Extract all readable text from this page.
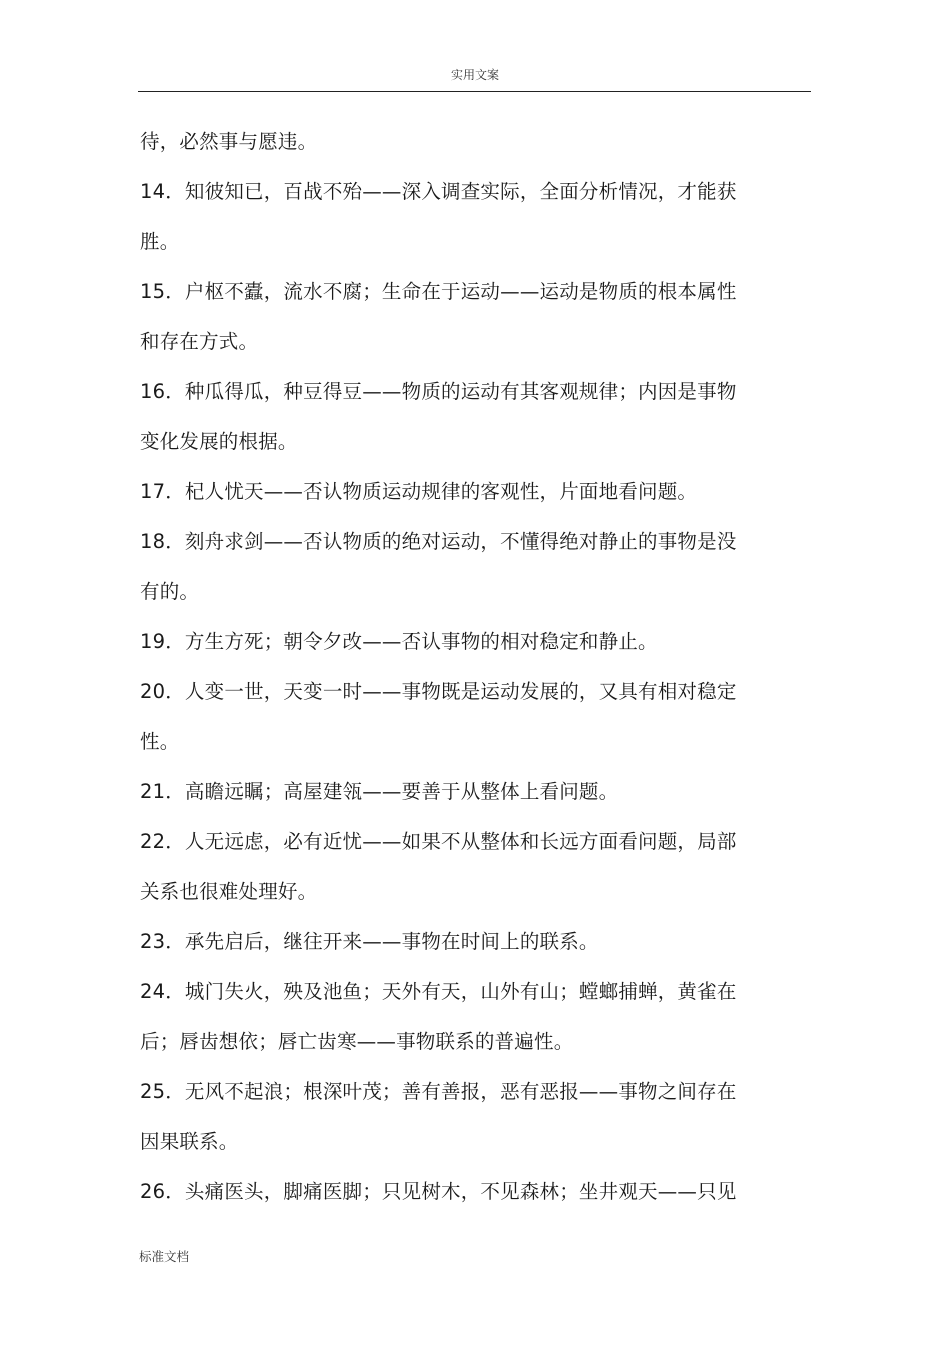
实用文案
待，必然事与愿违。
14．知彼知已，百战不殆——深入调查实际，全面分析情况，才能获
胜。
15．户枢不蠹，流水不腐；生命在于运动——运动是物质的根本属性
和存在方式。
16．种瓜得瓜，种豆得豆——物质的运动有其客观规律；内因是事物
变化发展的根据。
17．杞人忧天——否认物质运动规律的客观性，片面地看问题。
18．刻舟求剑——否认物质的绝对运动，不懂得绝对静止的事物是没
有的。
19．方生方死；朝令夕改——否认事物的相对稳定和静止。
20．人变一世，天变一时——事物既是运动发展的，又具有相对稳定
性。
21．高瞻远瞩；高屋建瓴——要善于从整体上看问题。
22．人无远虑，必有近忧——如果不从整体和长远方面看问题，局部
关系也很难处理好。
23．承先启后，继往开来——事物在时间上的联系。
24．城门失火，殃及池鱼；天外有天，山外有山；螳螂捕蝉，黄雀在
后；唇齿想依；唇亡齿寒——事物联系的普遍性。
25．无风不起浪；根深叶茂；善有善报，恶有恶报——事物之间存在
因果联系。
26．头痛医头，脚痛医脚；只见树木，不见森林；坐井观天——只见
标准文档
